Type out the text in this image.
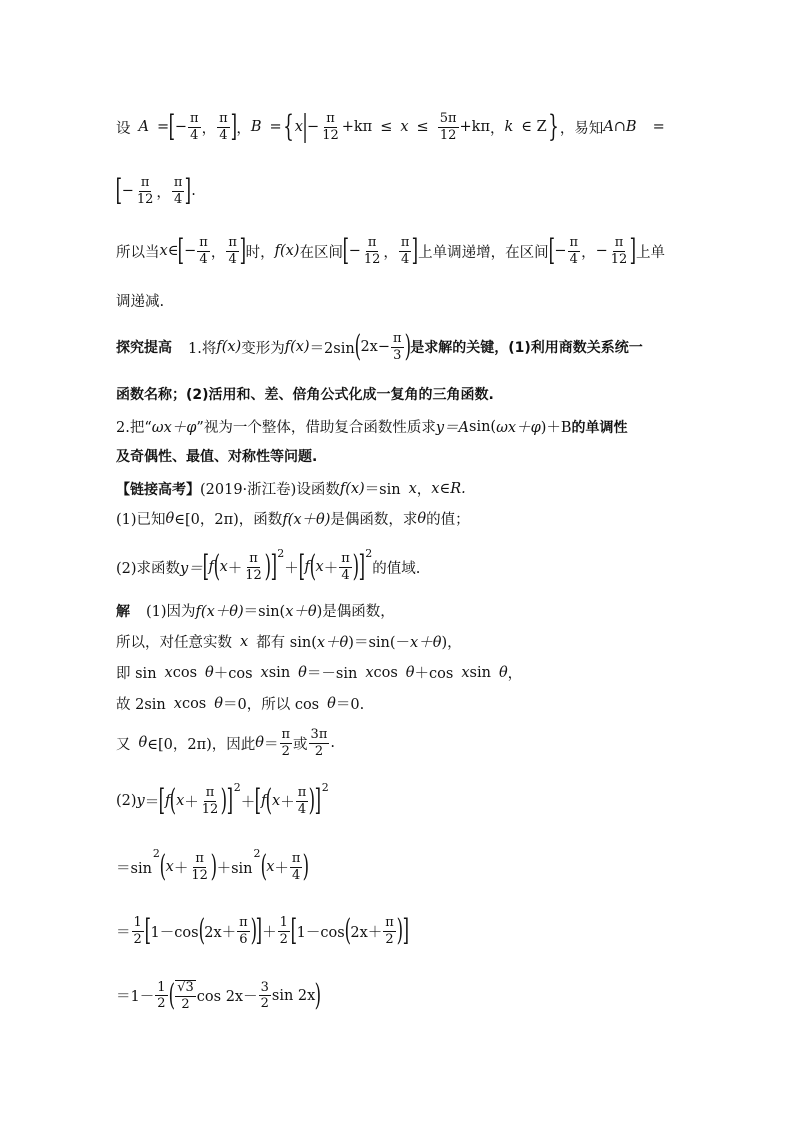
设 A = [ − $\frac{\pi}{4}$ ，
π
4 ] ， B = { x | − $\frac{\pi}{12} +k\pi \le x$ ≤
5π
12 +kπ ， k ∈ Z } ，易知 A∩B =
[ − $\frac{\pi}{12}$ ，
π
4 ] .
所以当 x ∈ [ − $\frac{\pi}{4}$ ，
π
4 ] 时， f(x) 在区间 [ − $\frac{\pi}{12}$ ，
π
4 ] 上单调递增，在区间 [ − $\frac{\pi}{4}$ ， − $\frac{\pi}{12}$ ] 上单
调递减.
探究提高 1.将 f(x) 变形为 f(x) ＝2sin ( $2x- \frac{\pi}{3}$ ) 是求解的关键，(1)利用商数关系统一
函数名称；(2)活用和、差、倍角公式化成一复角的三角函数.
2.把“ ωx＋φ ”视为一个整体，借助复合函数性质求 y＝A sin( ωx＋φ )＋B 的单调性
及奇偶性、最值、对称性等问题.
【链接高考】 (2019·浙江卷) 设函数 f(x) ＝sin x ， x∈R.
(1)已知 θ ∈[0，2π)，函数 f(x＋θ) 是偶函数，求 θ 的值；
(2)求函数 y＝ [ f ( x ＋
π
12 ) ] 2
＋ [ f ( x ＋
π
4 ) ] 2
的值域.
解 (1)因为 f(x＋θ) ＝sin( x＋θ )是偶函数，
所以，对任意实数 x 都有 sin( x＋θ )＝sin(－ x＋θ )，
即 sin x cos θ ＋cos x sin θ ＝－sin x cos θ ＋cos x sin θ ，
故 2sin x cos θ ＝0，所以 cos θ ＝0.
又 θ ∈[0，2π)，因此 θ ＝
π
2 或
3π
2 .
(2) y ＝ [ f ( x ＋
π
12 ) ] 2
＋ [ f ( x ＋
π
4 ) ] 2
＝sin
2 ( x ＋
π
12 ) ＋sin
2 ( x ＋
π
4 )
＝
1
2 [ 1－cos ( 2x＋
π
6 ) ] ＋
1
2 [ 1－cos ( 2x＋
π
2 ) ]
＝1－
1
2 ( √3
2 cos 2x－
3
2 sin 2x )
